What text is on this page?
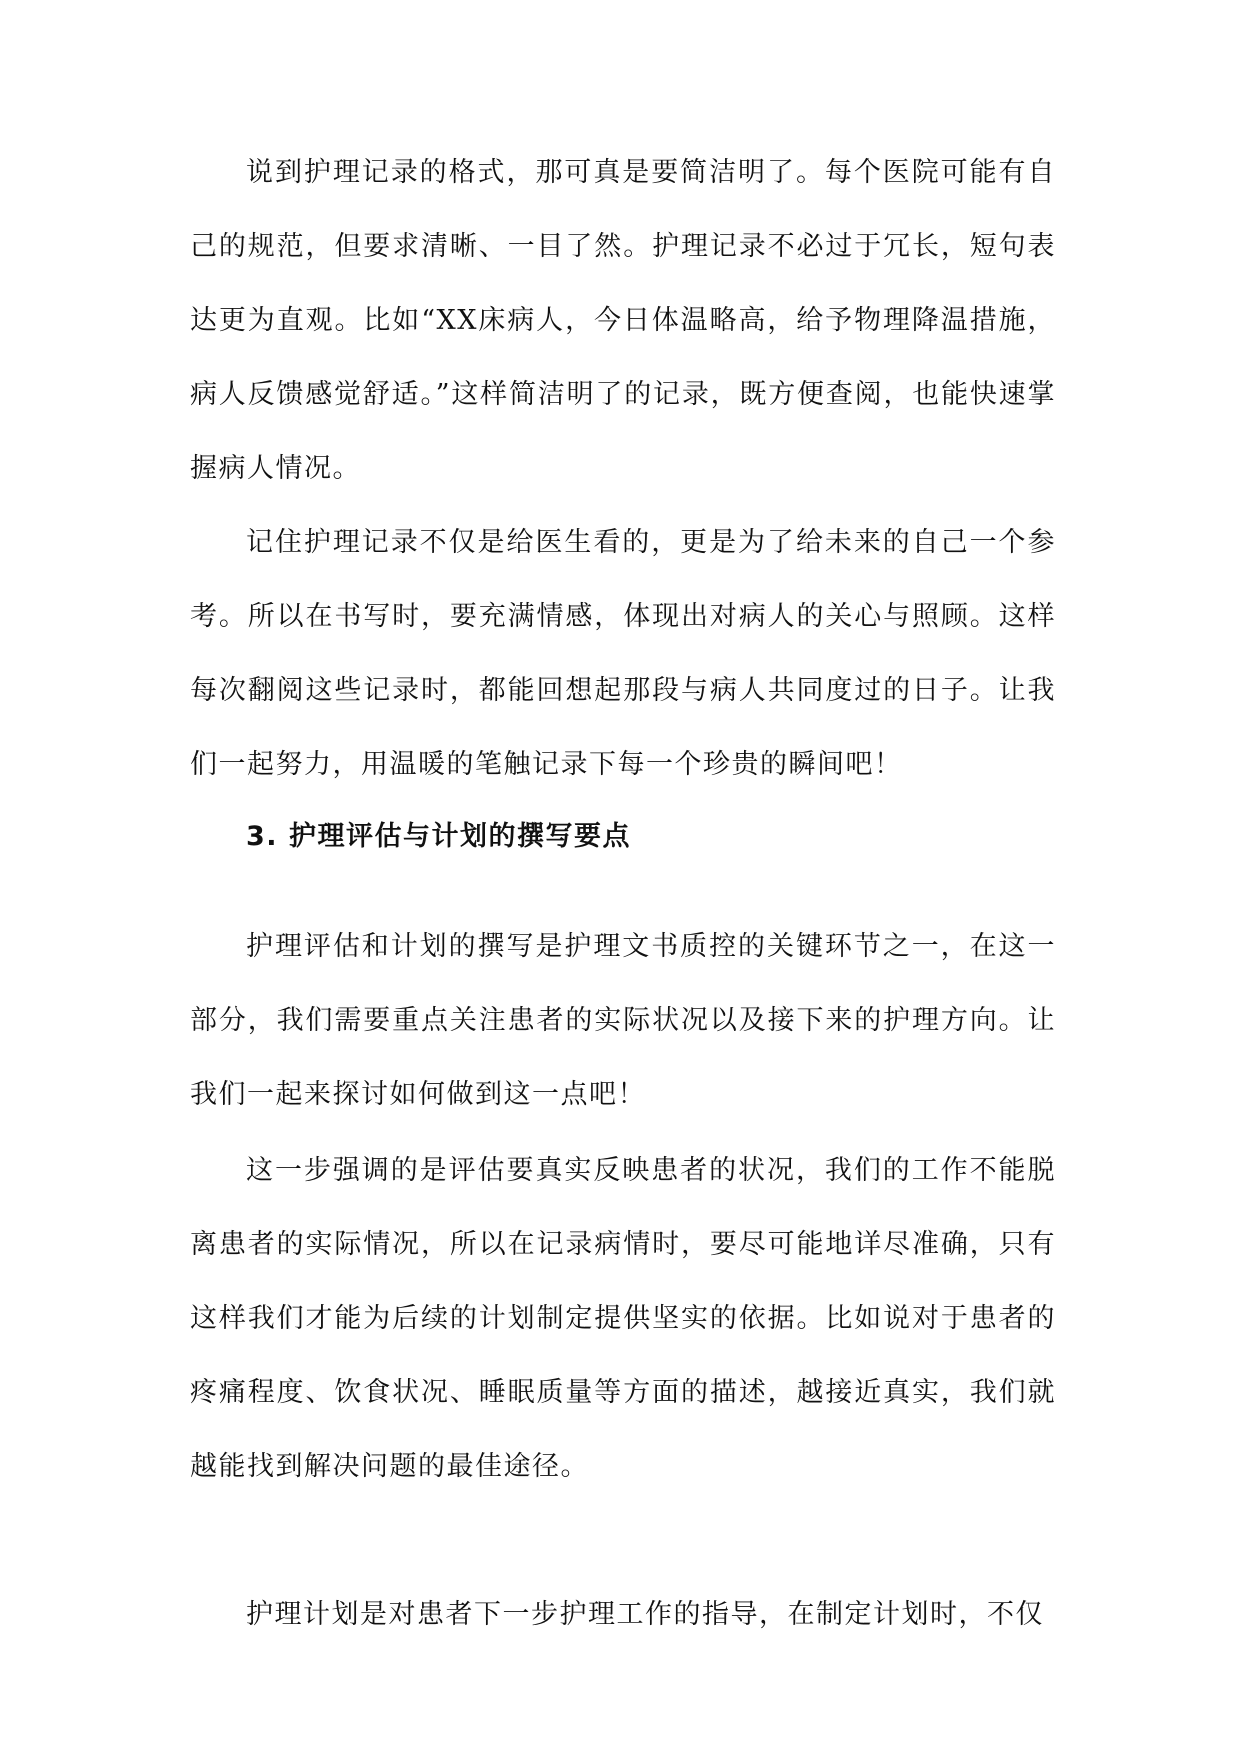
说到护理记录的格式，那可真是要简洁明了。每个医院可能有自己的规范，但要求清晰、一目了然。护理记录不必过于冗长，短句表达更为直观。比如“XX床病人，今日体温略高，给予物理降温措施，病人反馈感觉舒适。”这样简洁明了的记录，既方便查阅，也能快速掌握病人情况。

记住护理记录不仅是给医生看的，更是为了给未来的自己一个参考。所以在书写时，要充满情感，体现出对病人的关心与照顾。这样每次翻阅这些记录时，都能回想起那段与病人共同度过的日子。让我们一起努力，用温暖的笔触记录下每一个珍贵的瞬间吧！

3. 护理评估与计划的撰写要点

护理评估和计划的撰写是护理文书质控的关键环节之一，在这一部分，我们需要重点关注患者的实际状况以及接下来的护理方向。让我们一起来探讨如何做到这一点吧！

这一步强调的是评估要真实反映患者的状况，我们的工作不能脱离患者的实际情况，所以在记录病情时，要尽可能地详尽准确，只有这样我们才能为后续的计划制定提供坚实的依据。比如说对于患者的疼痛程度、饮食状况、睡眠质量等方面的描述，越接近真实，我们就越能找到解决问题的最佳途径。

护理计划是对患者下一步护理工作的指导，在制定计划时，不仅
